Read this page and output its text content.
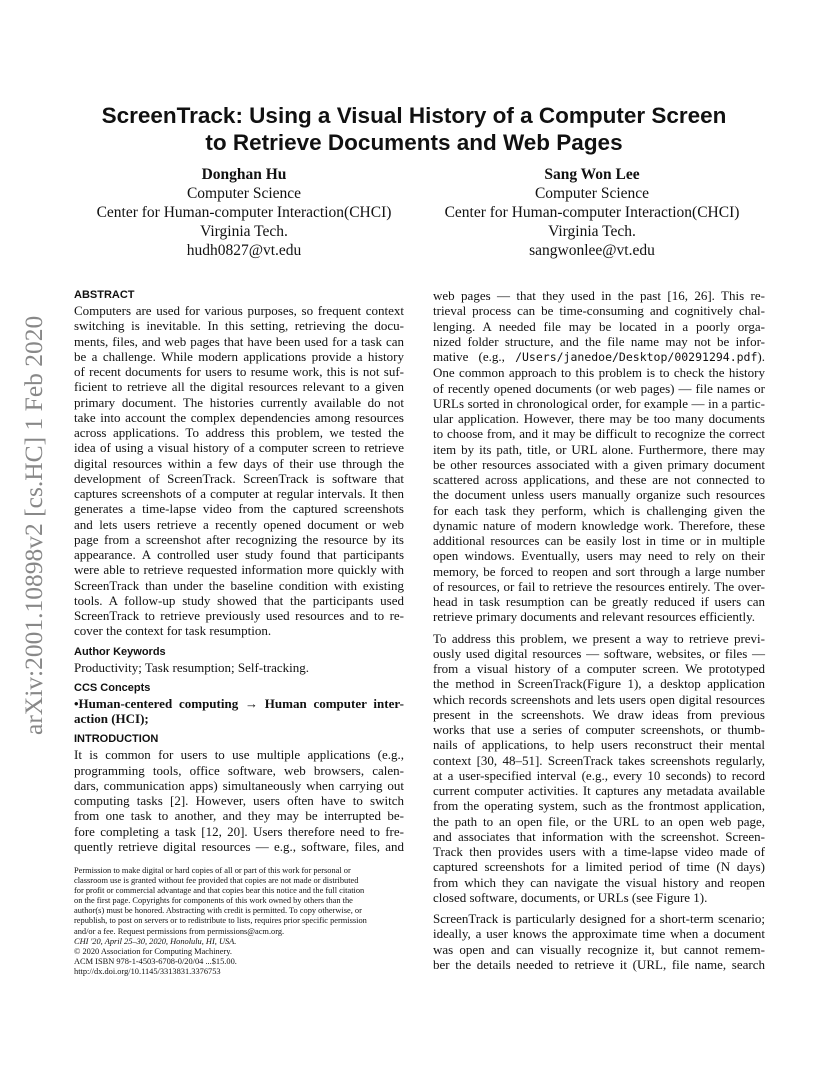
arXiv:2001.10898v2 [cs.HC] 1 Feb 2020
ScreenTrack: Using a Visual History of a Computer Screen
to Retrieve Documents and Web Pages
Donghan Hu
Computer Science
Center for Human-computer Interaction(CHCI)
Virginia Tech.
hudh0827@vt.edu
Sang Won Lee
Computer Science
Center for Human-computer Interaction(CHCI)
Virginia Tech.
sangwonlee@vt.edu
ABSTRACT
Computers are used for various purposes, so frequent context
switching is inevitable. In this setting, retrieving the docu-
ments, files, and web pages that have been used for a task can
be a challenge. While modern applications provide a history
of recent documents for users to resume work, this is not suf-
ficient to retrieve all the digital resources relevant to a given
primary document. The histories currently available do not
take into account the complex dependencies among resources
across applications. To address this problem, we tested the
idea of using a visual history of a computer screen to retrieve
digital resources within a few days of their use through the
development of ScreenTrack. ScreenTrack is software that
captures screenshots of a computer at regular intervals. It then
generates a time-lapse video from the captured screenshots
and lets users retrieve a recently opened document or web
page from a screenshot after recognizing the resource by its
appearance. A controlled user study found that participants
were able to retrieve requested information more quickly with
ScreenTrack than under the baseline condition with existing
tools. A follow-up study showed that the participants used
ScreenTrack to retrieve previously used resources and to re-
cover the context for task resumption.
Author Keywords
Productivity; Task resumption; Self-tracking.
CCS Concepts
•Human-centered computing → Human computer inter-
action (HCI);
INTRODUCTION
It is common for users to use multiple applications (e.g.,
programming tools, office software, web browsers, calen-
dars, communication apps) simultaneously when carrying out
computing tasks [2]. However, users often have to switch
from one task to another, and they may be interrupted be-
fore completing a task [12, 20]. Users therefore need to fre-
quently retrieve digital resources — e.g., software, files, and
Permission to make digital or hard copies of all or part of this work for personal or
classroom use is granted without fee provided that copies are not made or distributed
for profit or commercial advantage and that copies bear this notice and the full citation
on the first page. Copyrights for components of this work owned by others than the
author(s) must be honored. Abstracting with credit is permitted. To copy otherwise, or
republish, to post on servers or to redistribute to lists, requires prior specific permission
and/or a fee. Request permissions from permissions@acm.org.
CHI '20, April 25–30, 2020, Honolulu, HI, USA.
© 2020 Association for Computing Machinery.
ACM ISBN 978-1-4503-6708-0/20/04 ...$15.00.
http://dx.doi.org/10.1145/3313831.3376753
web pages — that they used in the past [16, 26]. This re-
trieval process can be time-consuming and cognitively chal-
lenging. A needed file may be located in a poorly orga-
nized folder structure, and the file name may not be infor-
mative (e.g., /Users/janedoe/Desktop/00291294.pdf).
One common approach to this problem is to check the history
of recently opened documents (or web pages) — file names or
URLs sorted in chronological order, for example — in a partic-
ular application. However, there may be too many documents
to choose from, and it may be difficult to recognize the correct
item by its path, title, or URL alone. Furthermore, there may
be other resources associated with a given primary document
scattered across applications, and these are not connected to
the document unless users manually organize such resources
for each task they perform, which is challenging given the
dynamic nature of modern knowledge work. Therefore, these
additional resources can be easily lost in time or in multiple
open windows. Eventually, users may need to rely on their
memory, be forced to reopen and sort through a large number
of resources, or fail to retrieve the resources entirely. The over-
head in task resumption can be greatly reduced if users can
retrieve primary documents and relevant resources efficiently.
To address this problem, we present a way to retrieve previ-
ously used digital resources — software, websites, or files —
from a visual history of a computer screen. We prototyped
the method in ScreenTrack(Figure 1), a desktop application
which records screenshots and lets users open digital resources
present in the screenshots. We draw ideas from previous
works that use a series of computer screenshots, or thumb-
nails of applications, to help users reconstruct their mental
context [30, 48–51]. ScreenTrack takes screenshots regularly,
at a user-specified interval (e.g., every 10 seconds) to record
current computer activities. It captures any metadata available
from the operating system, such as the frontmost application,
the path to an open file, or the URL to an open web page,
and associates that information with the screenshot. Screen-
Track then provides users with a time-lapse video made of
captured screenshots for a limited period of time (N days)
from which they can navigate the visual history and reopen
closed software, documents, or URLs (see Figure 1).
ScreenTrack is particularly designed for a short-term scenario;
ideally, a user knows the approximate time when a document
was open and can visually recognize it, but cannot remem-
ber the details needed to retrieve it (URL, file name, search
